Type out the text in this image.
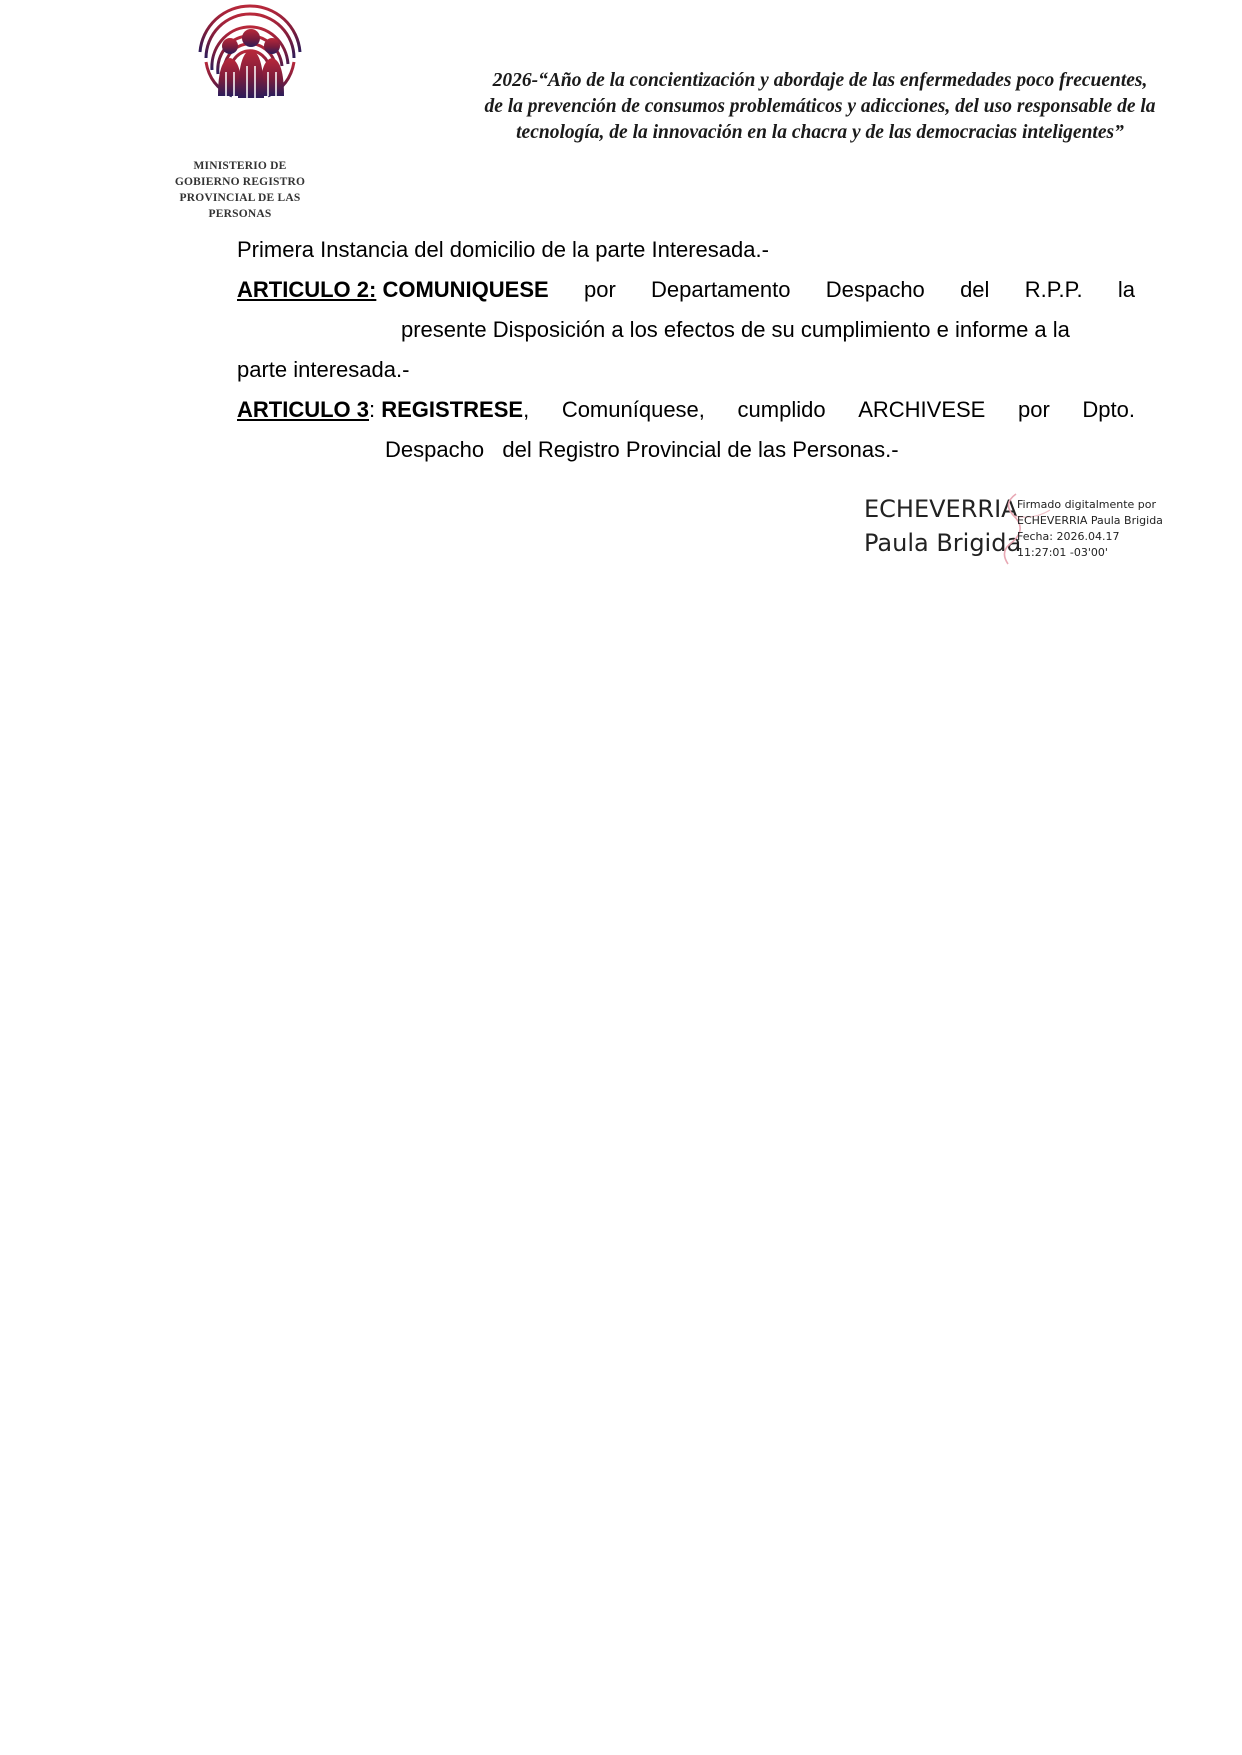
MINISTERIO DE
GOBIERNO REGISTRO
PROVINCIAL DE LAS
PERSONAS
2026-“Año de la concientización y abordaje de las enfermedades poco frecuentes,
de la prevención de consumos problemáticos y adicciones, del uso responsable de la
tecnología, de la innovación en la chacra y de las democracias inteligentes”
Primera Instancia del domicilio de la parte Interesada.-
ARTICULO 2: COMUNIQUESE por Departamento Despacho del R.P.P. la
presente Disposición a los efectos de su cumplimiento e informe a la
parte interesada.-
ARTICULO 3: REGISTRESE, Comuníquese, cumplido ARCHIVESE por Dpto.
Despacho   del Registro Provincial de las Personas.-
ECHEVERRIA
Paula Brigida
Firmado digitalmente por
ECHEVERRIA Paula Brigida
Fecha: 2026.04.17
11:27:01 -03'00'
